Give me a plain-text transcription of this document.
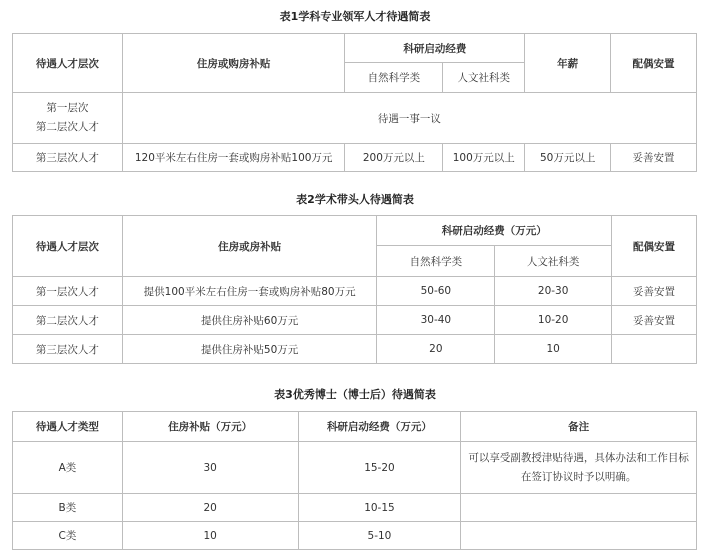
表1学科专业领军人才待遇简表
待遇人才层次	住房或购房补贴	科研启动经费		年薪	配偶安置
		自然科学类	人文社科类		

第一层次
第二层次人才	待遇一事一议				
第三层次人才	120平米左右住房一套或购房补贴100万元	200万元以上	100万元以上	50万元以上	妥善安置
表2学术带头人待遇简表
待遇人才层次	住房或房补贴	科研启动经费（万元）		配偶安置
		自然科学类	人文社科类	
第一层次人才	提供100平米左右住房一套或购房补贴80万元	50-60	20-30	妥善安置
第二层次人才	提供住房补贴60万元	30-40	10-20	妥善安置
第三层次人才	提供住房补贴50万元	20	10	
表3优秀博士（博士后）待遇简表
待遇人才类型	住房补贴（万元）	科研启动经费（万元）	备注
A类	30	15-20	可以享受副教授津贴待遇，具体办法和工作目标
在签订协议时予以明确。

B类	20	10-15	
C类	10	5-10	
